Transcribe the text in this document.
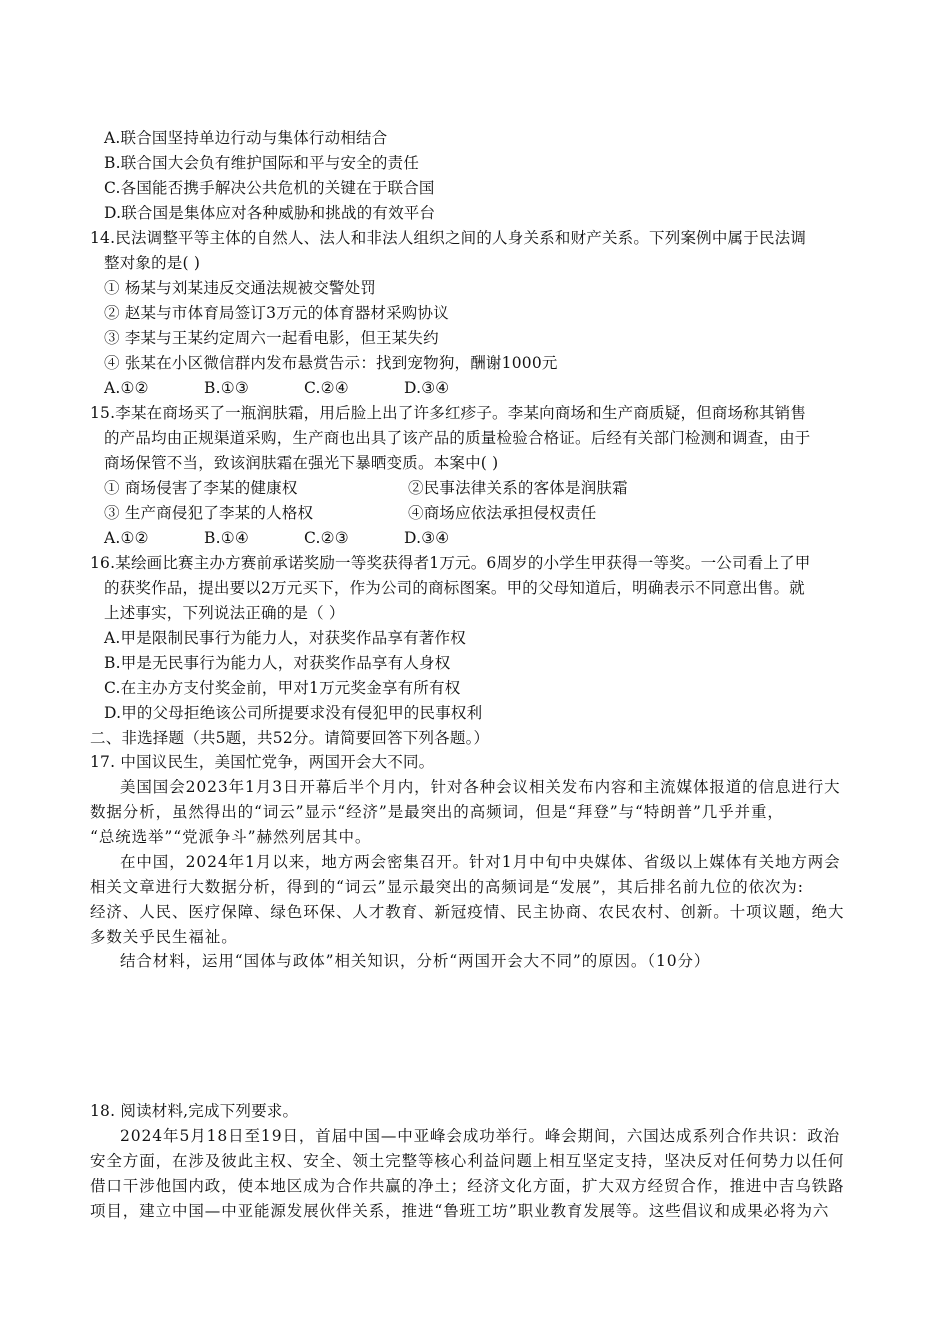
A.联合国坚持单边行动与集体行动相结合
B.联合国大会负有维护国际和平与安全的责任
C.各国能否携手解决公共危机的关键在于联合国
D.联合国是集体应对各种威胁和挑战的有效平台
14.民法调整平等主体的自然人、法人和非法人组织之间的人身关系和财产关系。下列案例中属于民法调
整对象的是( )
① 杨某与刘某违反交通法规被交警处罚
② 赵某与市体育局签订3万元的体育器材采购协议
③ 李某与王某约定周六一起看电影，但王某失约
④ 张某在小区微信群内发布悬赏告示：找到宠物狗，酬谢1000元
A.①②	B.①③	C.②④	D.③④
15.李某在商场买了一瓶润肤霜，用后脸上出了许多红疹子。李某向商场和生产商质疑，但商场称其销售
的产品均由正规渠道采购，生产商也出具了该产品的质量检验合格证。后经有关部门检测和调查，由于
商场保管不当，致该润肤霜在强光下暴晒变质。本案中( )
① 商场侵害了李某的健康权	②民事法律关系的客体是润肤霜
③ 生产商侵犯了李某的人格权	④商场应依法承担侵权责任
A.①②	B.①④	C.②③	D.③④
16.某绘画比赛主办方赛前承诺奖励一等奖获得者1万元。6周岁的小学生甲获得一等奖。一公司看上了甲
的获奖作品，提出要以2万元买下，作为公司的商标图案。甲的父母知道后，明确表示不同意出售。就
上述事实，下列说法正确的是（ ）
A.甲是限制民事行为能力人，对获奖作品享有著作权
B.甲是无民事行为能力人，对获奖作品享有人身权
C.在主办方支付奖金前，甲对1万元奖金享有所有权
D.甲的父母拒绝该公司所提要求没有侵犯甲的民事权利
二、非选择题（共5题，共52分。请简要回答下列各题。）
17. 中国议民生，美国忙党争，两国开会大不同。
美国国会2023年1月3日开幕后半个月内，针对各种会议相关发布内容和主流媒体报道的信息进行大
数据分析，虽然得出的“词云”显示“经济”是最突出的高频词，但是“拜登”与“特朗普”几乎并重，
“总统选举”“党派争斗”赫然列居其中。
在中国，2024年1月以来，地方两会密集召开。针对1月中旬中央媒体、省级以上媒体有关地方两会
相关文章进行大数据分析，得到的“词云”显示最突出的高频词是“发展”，其后排名前九位的依次为:
经济、人民、医疗保障、绿色环保、人才教育、新冠疫情、民主协商、农民农村、创新。十项议题，绝大
多数关乎民生福祉。
结合材料，运用“国体与政体”相关知识，分析“两国开会大不同”的原因。（10分）
18. 阅读材料,完成下列要求。
2024年5月18日至19日，首届中国—中亚峰会成功举行。峰会期间，六国达成系列合作共识：政治
安全方面，在涉及彼此主权、安全、领土完整等核心利益问题上相互坚定支持，坚决反对任何势力以任何
借口干涉他国内政，使本地区成为合作共赢的净土；经济文化方面，扩大双方经贸合作，推进中吉乌铁路
项目，建立中国—中亚能源发展伙伴关系，推进“鲁班工坊”职业教育发展等。这些倡议和成果必将为六
